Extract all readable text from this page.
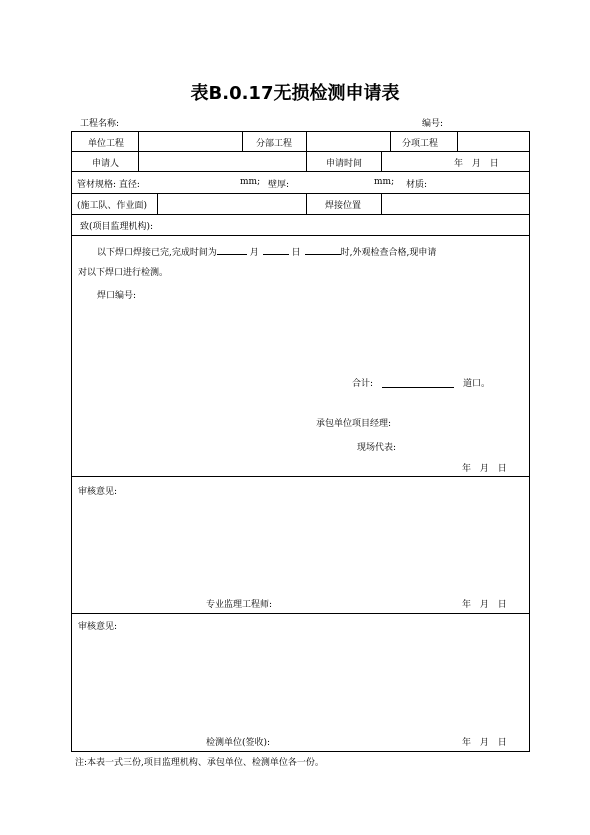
表B.0.17无损检测申请表
工程名称:	编号:
单位工程	分部工程	分项工程
申请人	申请时间	年 月 日
管材规格: 直径:	mm; 壁厚:	mm; 材质:
(施工队、作业面)	焊接位置
致(项目监理机构):
以下焊口焊接已完,完成时间为	月	日	时,外观检查合格,现申请
对以下焊口进行检测。
焊口编号:
合计:	道口。
承包单位项目经理:
现场代表:
年 月 日
审核意见:
专业监理工程师:	年 月 日
审核意见:
检测单位(签收):	年 月 日
注:本表一式三份,项目监理机构、承包单位、检测单位各一份。
